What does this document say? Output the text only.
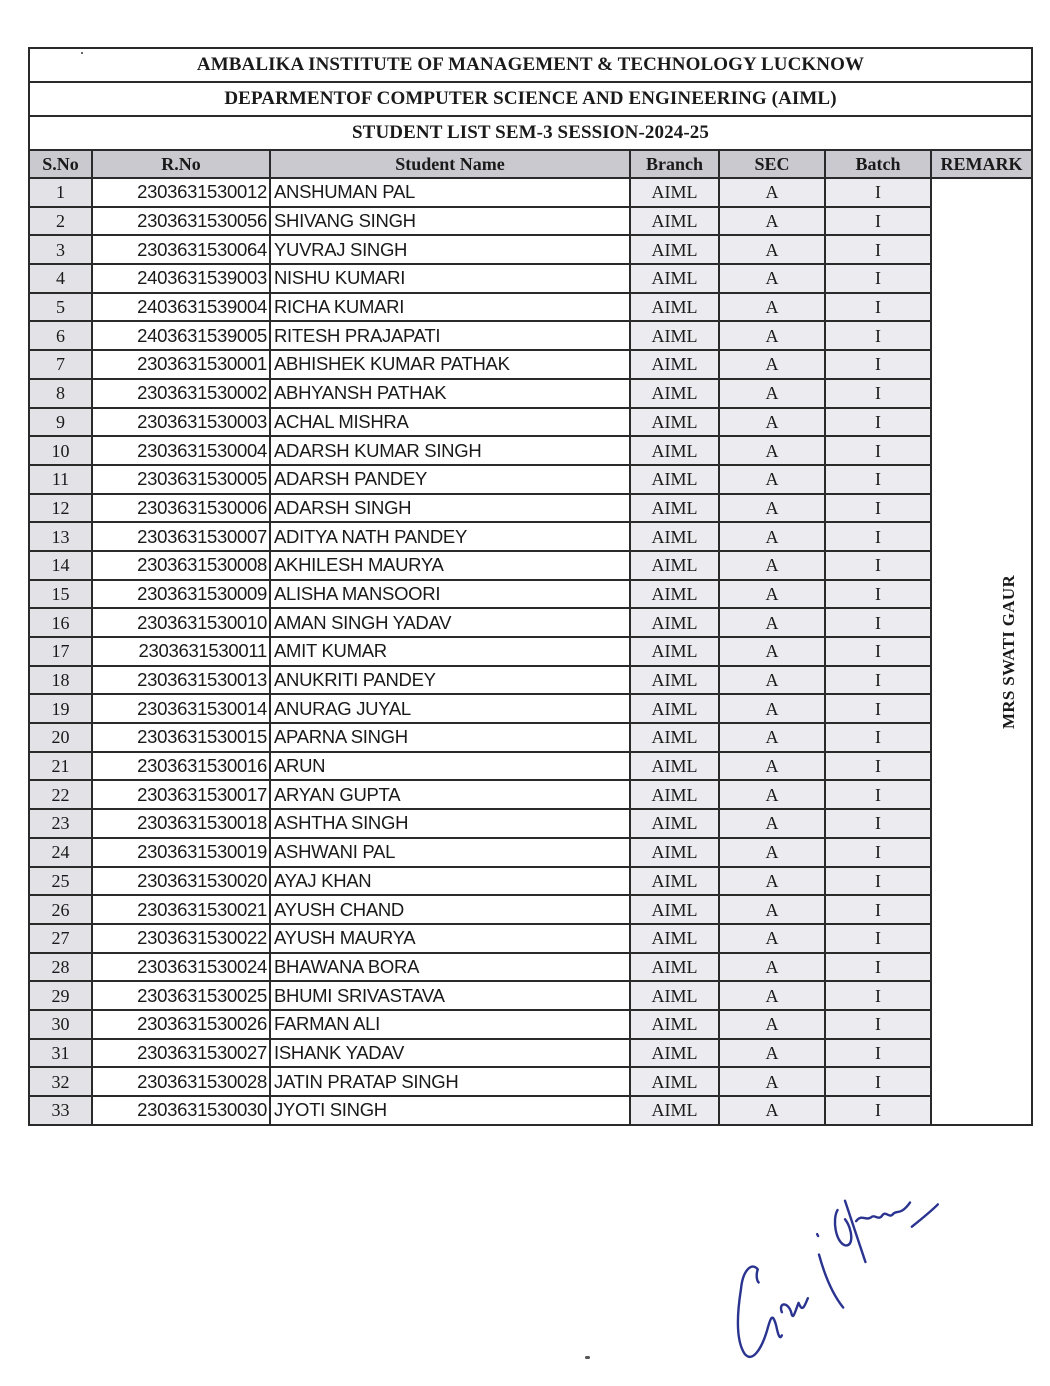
AMBALIKA INSTITUTE OF MANAGEMENT & TECHNOLOGY LUCKNOW
DEPARMENTOF COMPUTER SCIENCE AND ENGINEERING (AIML)
STUDENT LIST SEM-3 SESSION-2024-25
S.No	R.No	Student Name	Branch	SEC	Batch	REMARK
1	2303631530012	ANSHUMAN PAL	AIML	A	I	MRS SWATI GAUR
2	2303631530056	SHIVANG SINGH	AIML	A	I	
3	2303631530064	YUVRAJ SINGH	AIML	A	I	
4	2403631539003	NISHU KUMARI	AIML	A	I	
5	2403631539004	RICHA KUMARI	AIML	A	I	
6	2403631539005	RITESH PRAJAPATI	AIML	A	I	
7	2303631530001	ABHISHEK KUMAR PATHAK	AIML	A	I	
8	2303631530002	ABHYANSH PATHAK	AIML	A	I	
9	2303631530003	ACHAL MISHRA	AIML	A	I	
10	2303631530004	ADARSH KUMAR SINGH	AIML	A	I	
11	2303631530005	ADARSH PANDEY	AIML	A	I	
12	2303631530006	ADARSH SINGH	AIML	A	I	
13	2303631530007	ADITYA NATH PANDEY	AIML	A	I	
14	2303631530008	AKHILESH MAURYA	AIML	A	I	
15	2303631530009	ALISHA MANSOORI	AIML	A	I	
16	2303631530010	AMAN SINGH YADAV	AIML	A	I	
17	2303631530011	AMIT KUMAR	AIML	A	I	
18	2303631530013	ANUKRITI PANDEY	AIML	A	I	
19	2303631530014	ANURAG JUYAL	AIML	A	I	
20	2303631530015	APARNA SINGH	AIML	A	I	
21	2303631530016	ARUN	AIML	A	I	
22	2303631530017	ARYAN GUPTA	AIML	A	I	
23	2303631530018	ASHTHA SINGH	AIML	A	I	
24	2303631530019	ASHWANI PAL	AIML	A	I	
25	2303631530020	AYAJ KHAN	AIML	A	I	
26	2303631530021	AYUSH CHAND	AIML	A	I	
27	2303631530022	AYUSH MAURYA	AIML	A	I	
28	2303631530024	BHAWANA BORA	AIML	A	I	
29	2303631530025	BHUMI SRIVASTAVA	AIML	A	I	
30	2303631530026	FARMAN ALI	AIML	A	I	
31	2303631530027	ISHANK YADAV	AIML	A	I	
32	2303631530028	JATIN PRATAP SINGH	AIML	A	I	
33	2303631530030	JYOTI SINGH	AIML	A	I	
